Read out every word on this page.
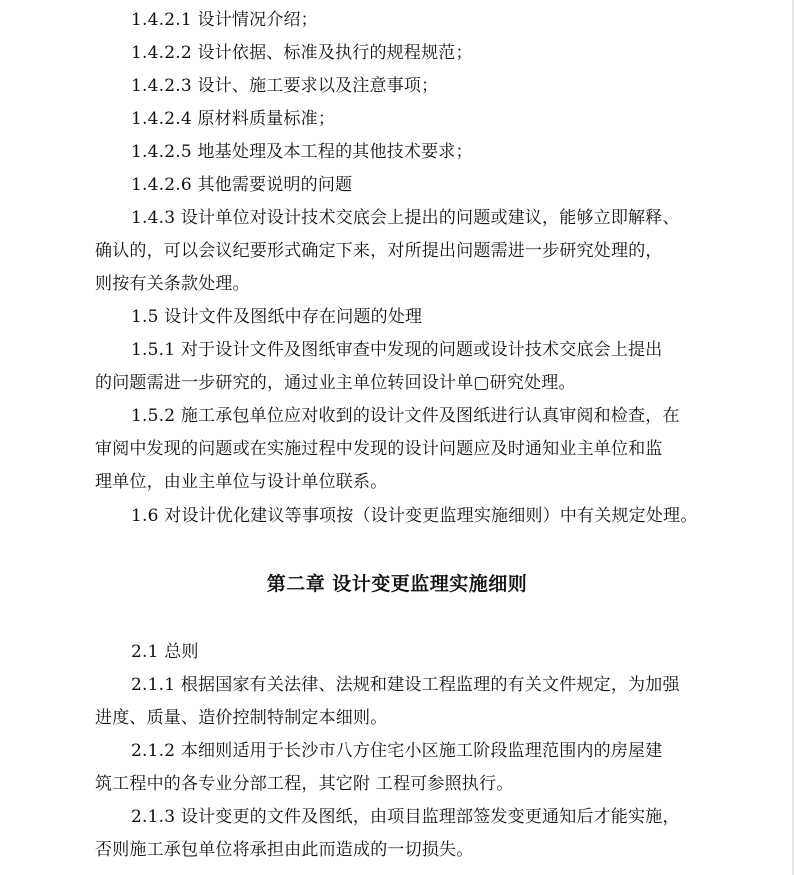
1.4.2.1 设计情况介绍；
1.4.2.2 设计依据、标准及执行的规程规范；
1.4.2.3 设计、施工要求以及注意事项；
1.4.2.4 原材料质量标准；
1.4.2.5 地基处理及本工程的其他技术要求；
1.4.2.6 其他需要说明的问题
1.4.3 设计单位对设计技术交底会上提出的问题或建议，能够立即解释、
确认的，可以会议纪要形式确定下来，对所提出问题需进一步研究处理的，
则按有关条款处理。
1.5 设计文件及图纸中存在问题的处理
1.5.1 对于设计文件及图纸审查中发现的问题或设计技术交底会上提出
的问题需进一步研究的，通过业主单位转回设计单▢研究处理。
1.5.2 施工承包单位应对收到的设计文件及图纸进行认真审阅和检查，在
审阅中发现的问题或在实施过程中发现的设计问题应及时通知业主单位和监
理单位，由业主单位与设计单位联系。
1.6 对设计优化建议等事项按（设计变更监理实施细则）中有关规定处理。
第二章 设计变更监理实施细则
2.1 总则
2.1.1 根据国家有关法律、法规和建设工程监理的有关文件规定，为加强
进度、质量、造价控制特制定本细则。
2.1.2 本细则适用于长沙市八方住宅小区施工阶段监理范围内的房屋建
筑工程中的各专业分部工程，其它附 工程可参照执行。
2.1.3 设计变更的文件及图纸，由项目监理部签发变更通知后才能实施，
否则施工承包单位将承担由此而造成的一切损失。
